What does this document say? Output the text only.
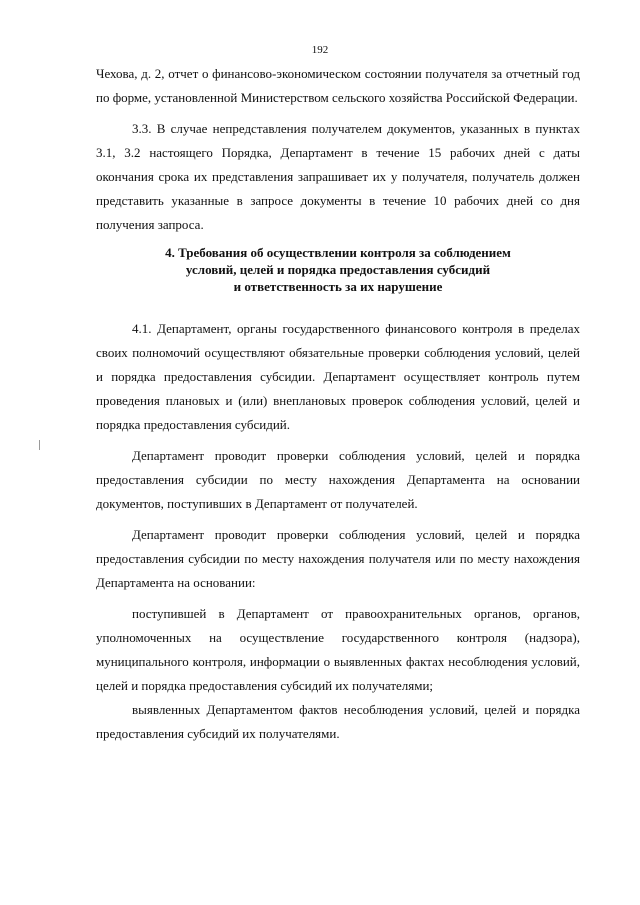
192

Чехова, д. 2, отчет о финансово-экономическом состоянии получателя за отчетный год по форме, установленной Министерством сельского хозяйства Российской Федерации.

3.3. В случае непредставления получателем документов, указанных в пунктах 3.1, 3.2 настоящего Порядка, Департамент в течение 15 рабочих дней с даты окончания срока их представления запрашивает их у получателя, получатель должен представить указанные в запросе документы в течение 10 рабочих дней со дня получения запроса.

4. Требования об осуществлении контроля за соблюдением
условий, целей и порядка предоставления субсидий
и ответственность за их нарушение

4.1. Департамент, органы государственного финансового контроля в пределах своих полномочий осуществляют обязательные проверки соблюдения условий, целей и порядка предоставления субсидии. Департамент осуществляет контроль путем проведения плановых и (или) внеплановых проверок соблюдения условий, целей и порядка предоставления субсидий.

Департамент проводит проверки соблюдения условий, целей и порядка предоставления субсидии по месту нахождения Департамента на основании документов, поступивших в Департамент от получателей.

Департамент проводит проверки соблюдения условий, целей и порядка предоставления субсидии по месту нахождения получателя или по месту нахождения Департамента на основании:

поступившей в Департамент от правоохранительных органов, органов, уполномоченных на осуществление государственного контроля (надзора), муниципального контроля, информации о выявленных фактах несоблюдения условий, целей и порядка предоставления субсидий их получателями;

выявленных Департаментом фактов несоблюдения условий, целей и порядка предоставления субсидий их получателями.
